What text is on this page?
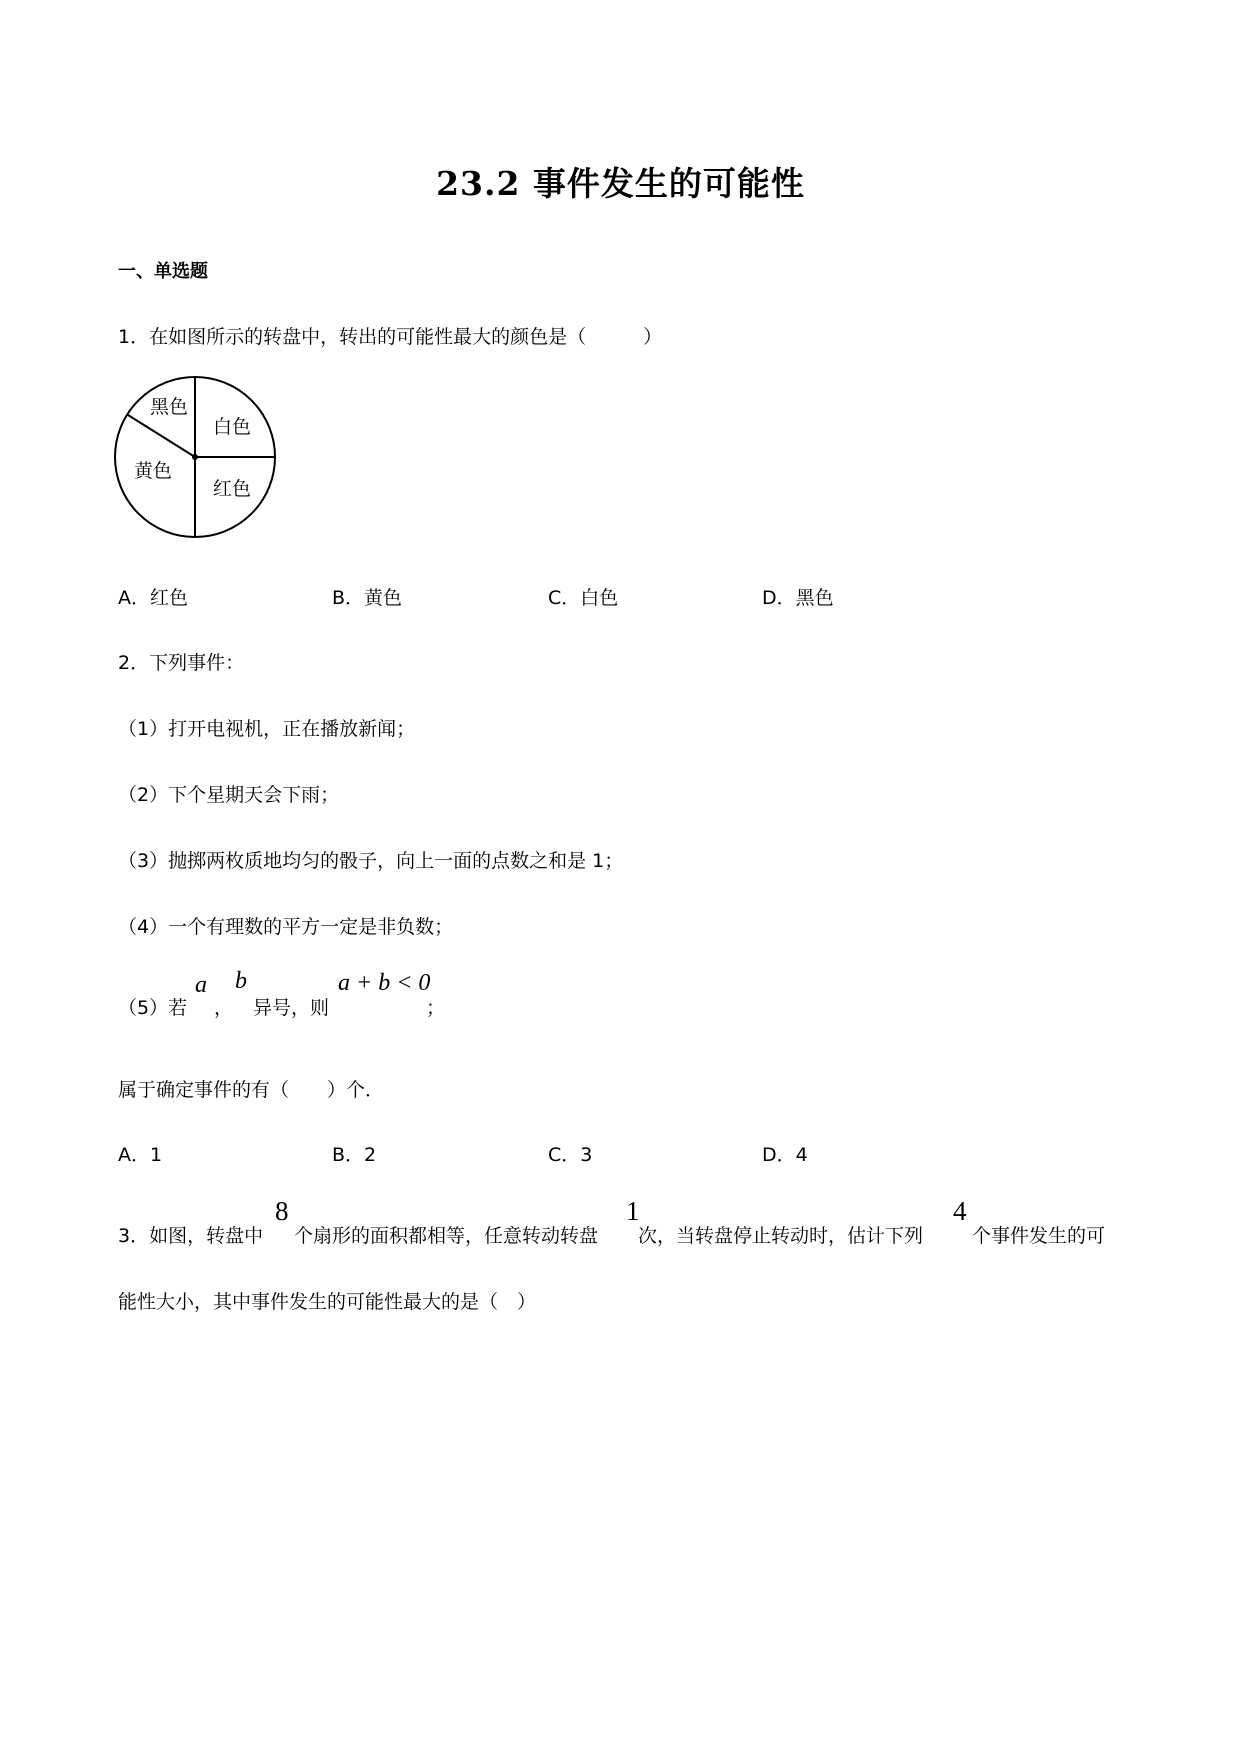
23.2 事件发生的可能性
一、单选题
1．在如图所示的转盘中，转出的可能性最大的颜色是（　　　）
黑色
白色
黄色
红色
A．红色	B．黄色	C．白色	D．黑色
2．下列事件：
（1）打开电视机，正在播放新闻；
（2）下个星期天会下雨；
（3）抛掷两枚质地均匀的骰子，向上一面的点数之和是 1；
（4）一个有理数的平方一定是非负数；
（5）若
a
，
b
异号，则
a + b < 0
；
属于确定事件的有（　　）个．
A．1	B．2	C．3	D．4
3．如图，转盘中
8
个扇形的面积都相等，任意转动转盘
1
次，当转盘停止转动时，估计下列
4
个事件发生的可
能性大小，其中事件发生的可能性最大的是（　）
